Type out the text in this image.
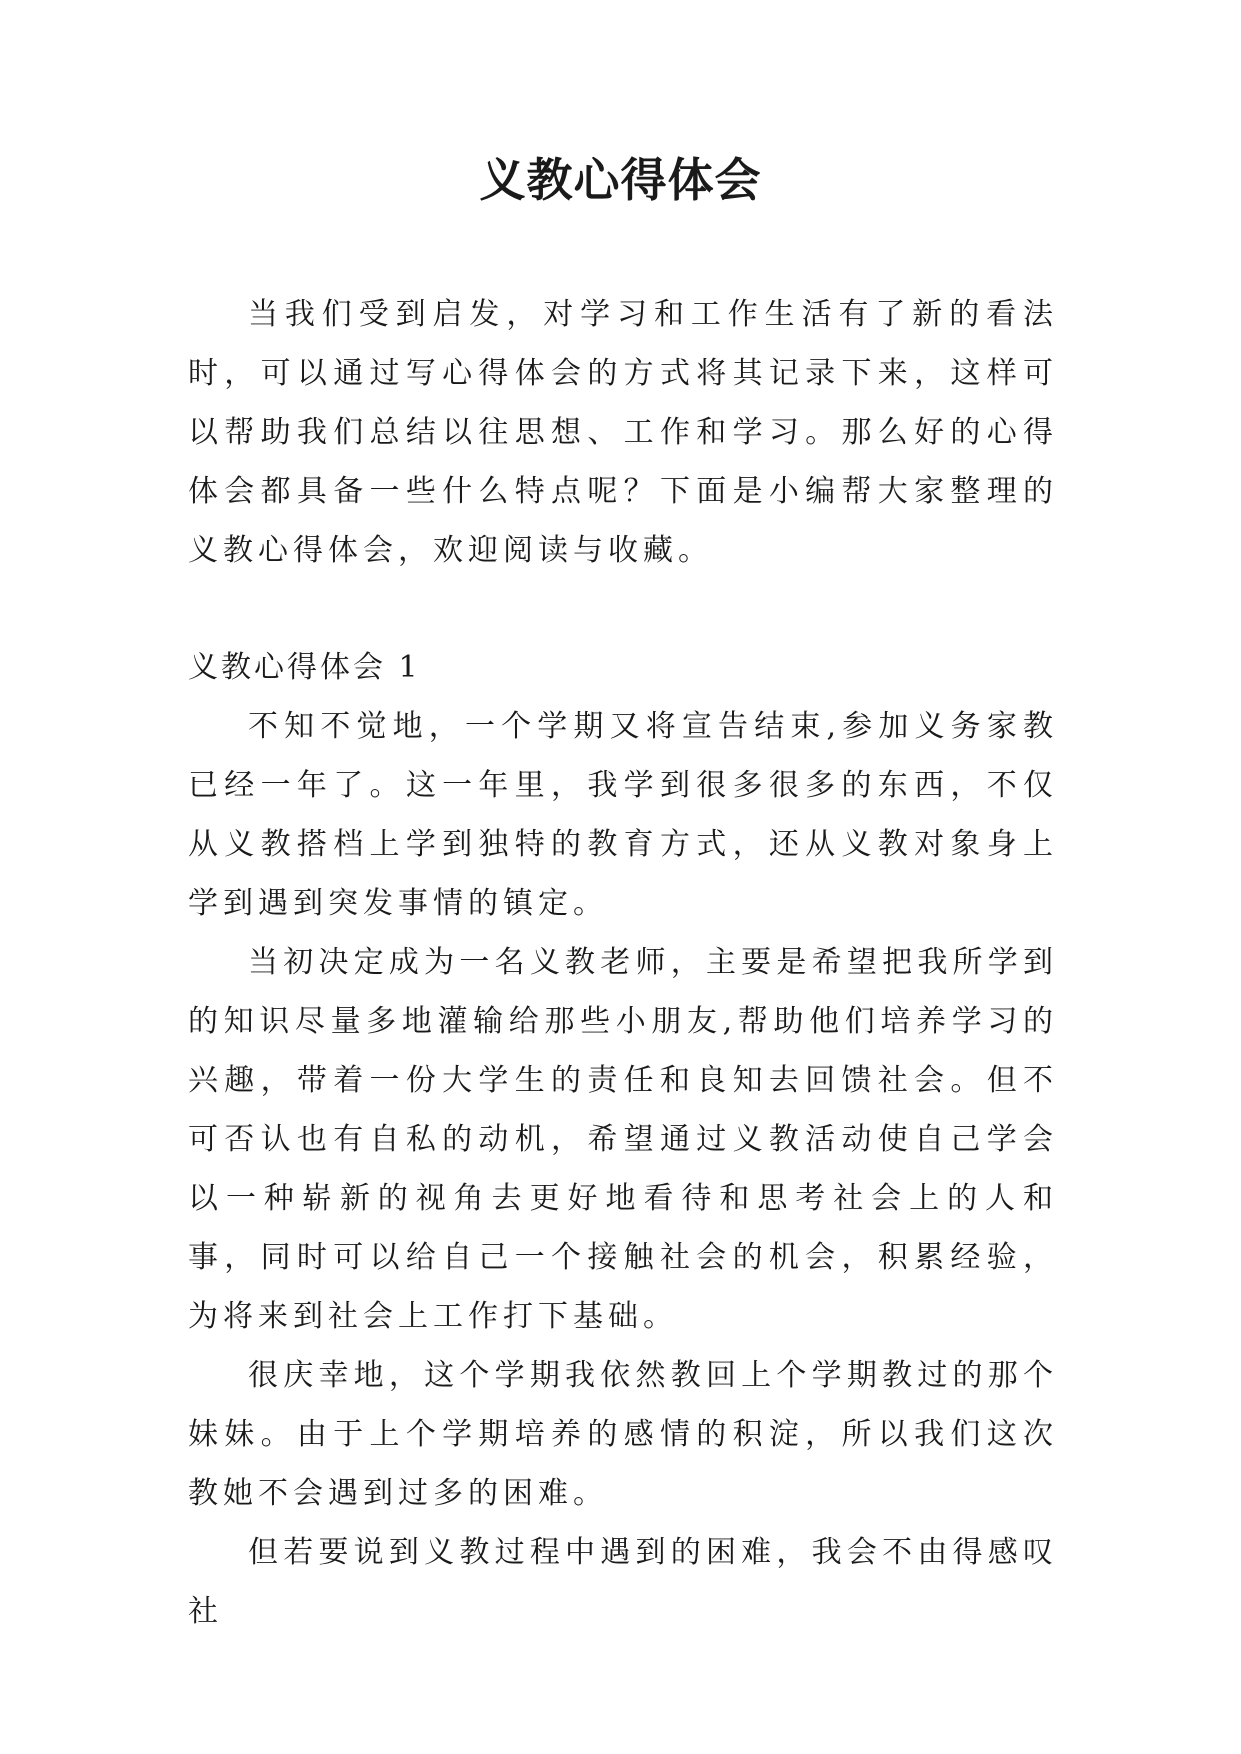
义教心得体会

当我们受到启发，对学习和工作生活有了新的看法时，可以通过写心得体会的方式将其记录下来，这样可以帮助我们总结以往思想、工作和学习。那么好的心得体会都具备一些什么特点呢？下面是小编帮大家整理的义教心得体会，欢迎阅读与收藏。

义教心得体会 1

不知不觉地，一个学期又将宣告结束,参加义务家教已经一年了。这一年里，我学到很多很多的东西，不仅从义教搭档上学到独特的教育方式，还从义教对象身上学到遇到突发事情的镇定。

当初决定成为一名义教老师，主要是希望把我所学到的知识尽量多地灌输给那些小朋友,帮助他们培养学习的兴趣，带着一份大学生的责任和良知去回馈社会。但不可否认也有自私的动机，希望通过义教活动使自己学会以一种崭新的视角去更好地看待和思考社会上的人和事，同时可以给自己一个接触社会的机会，积累经验，为将来到社会上工作打下基础。

很庆幸地，这个学期我依然教回上个学期教过的那个妹妹。由于上个学期培养的感情的积淀，所以我们这次教她不会遇到过多的困难。

但若要说到义教过程中遇到的困难，我会不由得感叹社
